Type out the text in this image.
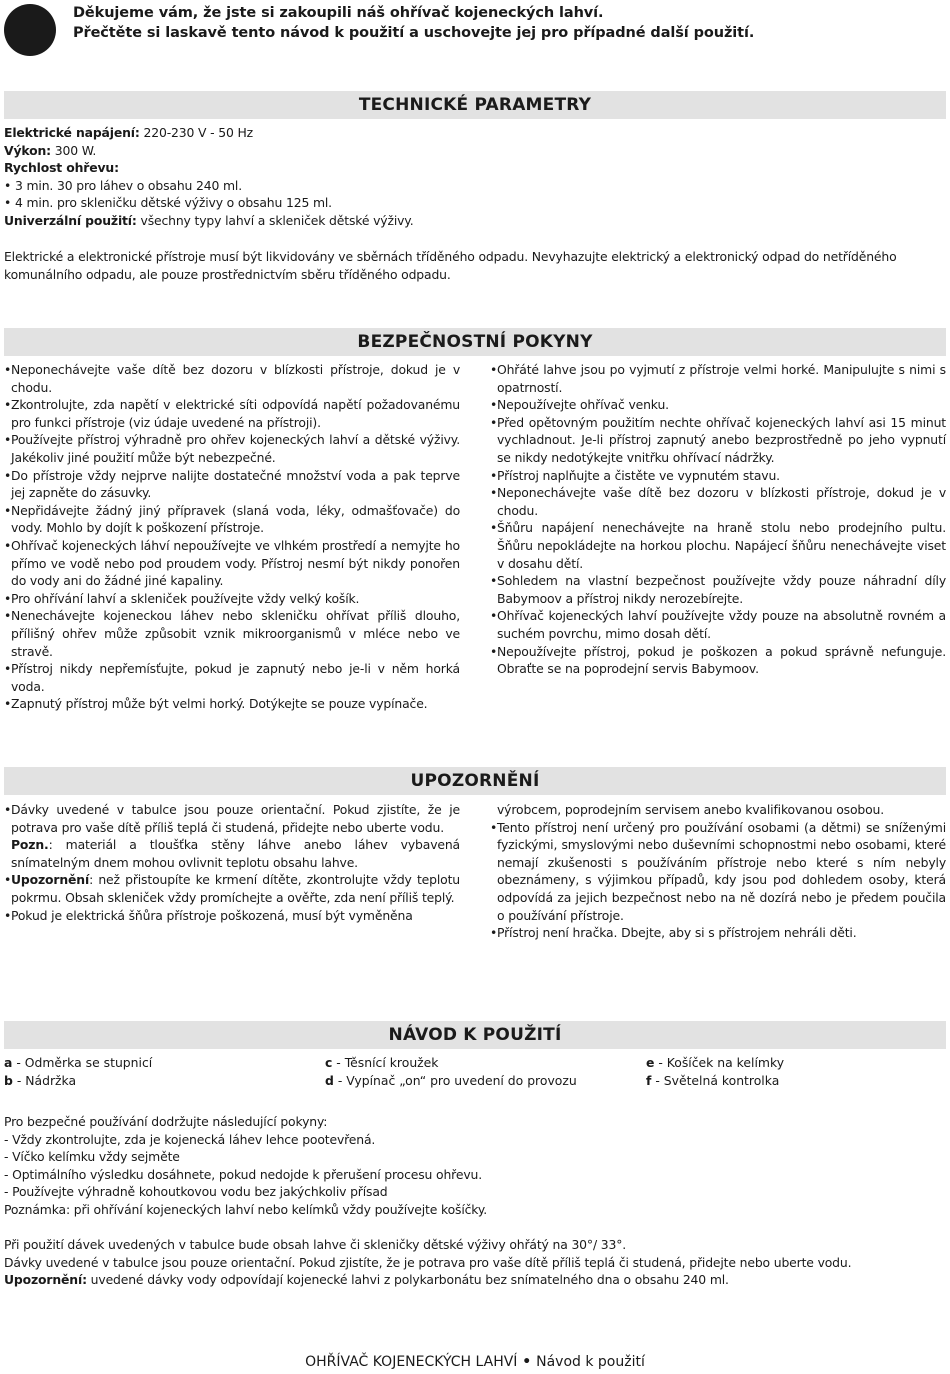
Děkujeme vám, že jste si zakoupili náš ohřívač kojeneckých lahví.
Přečtěte si laskavě tento návod k použití a uschovejte jej pro případné další použití.
TECHNICKÉ PARAMETRY

Elektrické napájení: 220-230 V - 50 Hz

Výkon: 300 W.

Rychlost ohřevu:

• 3 min. 30 pro láhev o obsahu 240 ml.

• 4 min. pro skleničku dětské výživy o obsahu 125 ml.

Univerzální použití: všechny typy lahví a skleniček dětské výživy.

Elektrické a elektronické přístroje musí být likvidovány ve sběrnách tříděného odpadu. Nevyhazujte elektrický a elektronický odpad do netříděného komunálního odpadu, ale pouze prostřednictvím sběru tříděného odpadu.

BEZPEČNOSTNÍ POKYNY
• Neponechávejte vaše dítě bez dozoru v blízkosti přístroje, dokud je v chodu.
• Zkontrolujte, zda napětí v elektrické síti odpovídá napětí požadovanému pro funkci přístroje (viz údaje uvedené na přístroji).
• Používejte přístroj výhradně pro ohřev kojeneckých lahví a dětské výživy. Jakékoliv jiné použití může být nebezpečné.
• Do přístroje vždy nejprve nalijte dostatečné množství voda a pak teprve jej zapněte do zásuvky.
• Nepřidávejte žádný jiný přípravek (slaná voda, léky, odmašťovače) do vody. Mohlo by dojít k poškození přístroje.
• Ohřívač kojeneckých láhví nepoužívejte ve vlhkém prostředí a nemyjte ho přímo ve vodě nebo pod proudem vody. Přístroj nesmí být nikdy ponořen do vody ani do žádné jiné kapaliny.
• Pro ohřívání lahví a skleniček používejte vždy velký košík.
• Nenechávejte kojeneckou láhev nebo skleničku ohřívat příliš dlouho, přílišný ohřev může způsobit vznik mikroorganismů v mléce nebo ve stravě.
• Přístroj nikdy nepřemísťujte, pokud je zapnutý nebo je-li v něm horká voda.
• Zapnutý přístroj může být velmi horký. Dotýkejte se pouze vypínače.
• Ohřáté lahve jsou po vyjmutí z přístroje velmi horké. Manipulujte s nimi s opatrností.
• Nepoužívejte ohřívač venku.
• Před opětovným použitím nechte ohřívač kojeneckých lahví asi 15 minut vychladnout. Je-li přístroj zapnutý anebo bezprostředně po jeho vypnutí se nikdy nedotýkejte vnitřku ohřívací nádržky.
• Přístroj naplňujte a čistěte ve vypnutém stavu.
• Neponechávejte vaše dítě bez dozoru v blízkosti přístroje, dokud je v chodu.
• Šňůru napájení nenechávejte na hraně stolu nebo prodejního pultu. Šňůru nepokládejte na horkou plochu. Napájecí šňůru nenechávejte viset v dosahu dětí.
• Sohledem na vlastní bezpečnost používejte vždy pouze náhradní díly Babymoov a přístroj nikdy nerozebírejte.
• Ohřívač kojeneckých lahví používejte vždy pouze na absolutně rovném a suchém povrchu, mimo dosah dětí.
• Nepoužívejte přístroj, pokud je poškozen a pokud správně nefunguje. Obraťte se na poprodejní servis Babymoov.
UPOZORNĚNÍ
• Dávky uvedené v tabulce jsou pouze orientační. Pokud zjistíte, že je potrava pro vaše dítě příliš teplá či studená, přidejte nebo uberte vodu.
Pozn.: materiál a tloušťka stěny láhve anebo láhev vybavená snímatelným dnem mohou ovlivnit teplotu obsahu lahve.
• Upozornění: než přistoupíte ke krmení dítěte, zkontrolujte vždy teplotu pokrmu. Obsah skleniček vždy promíchejte a ověřte, zda není příliš teplý.
• Pokud je elektrická šňůra přístroje poškozená, musí být vyměněna
výrobcem, poprodejním servisem anebo kvalifikovanou osobou.
• Tento přístroj není určený pro používání osobami (a dětmi) se sníženými fyzickými, smyslovými nebo duševními schopnostmi nebo osobami, které nemají zkušenosti s používáním přístroje nebo které s ním nebyly obeznámeny, s výjimkou případů, kdy jsou pod dohledem osoby, která odpovídá za jejich bezpečnost nebo na ně dozírá nebo je předem poučila o používání přístroje.
• Přístroj není hračka. Dbejte, aby si s přístrojem nehráli děti.
NÁVOD K POUŽITÍ
a - Odměrka se stupnicí
b - Nádržka
c - Těsnící kroužek
d - Vypínač „on“ pro uvedení do provozu
e - Košíček na kelímky
f - Světelná kontrolka

Pro bezpečné používání dodržujte následující pokyny:

- Vždy zkontrolujte, zda je kojenecká láhev lehce pootevřená.

- Víčko kelímku vždy sejměte

- Optimálního výsledku dosáhnete, pokud nedojde k přerušení procesu ohřevu.

- Používejte výhradně kohoutkovou vodu bez jakýchkoliv přísad

Poznámka: při ohřívání kojeneckých lahví nebo kelímků vždy používejte košíčky.

Při použití dávek uvedených v tabulce bude obsah lahve či skleničky dětské výživy ohřátý na 30°/ 33°.

Dávky uvedené v tabulce jsou pouze orientační. Pokud zjistíte, že je potrava pro vaše dítě příliš teplá či studená, přidejte nebo uberte vodu.

Upozornění: uvedené dávky vody odpovídají kojenecké lahvi z polykarbonátu bez snímatelného dna o obsahu 240 ml.

OHŘÍVAČ KOJENECKÝCH LAHVÍ • Návod k použití
